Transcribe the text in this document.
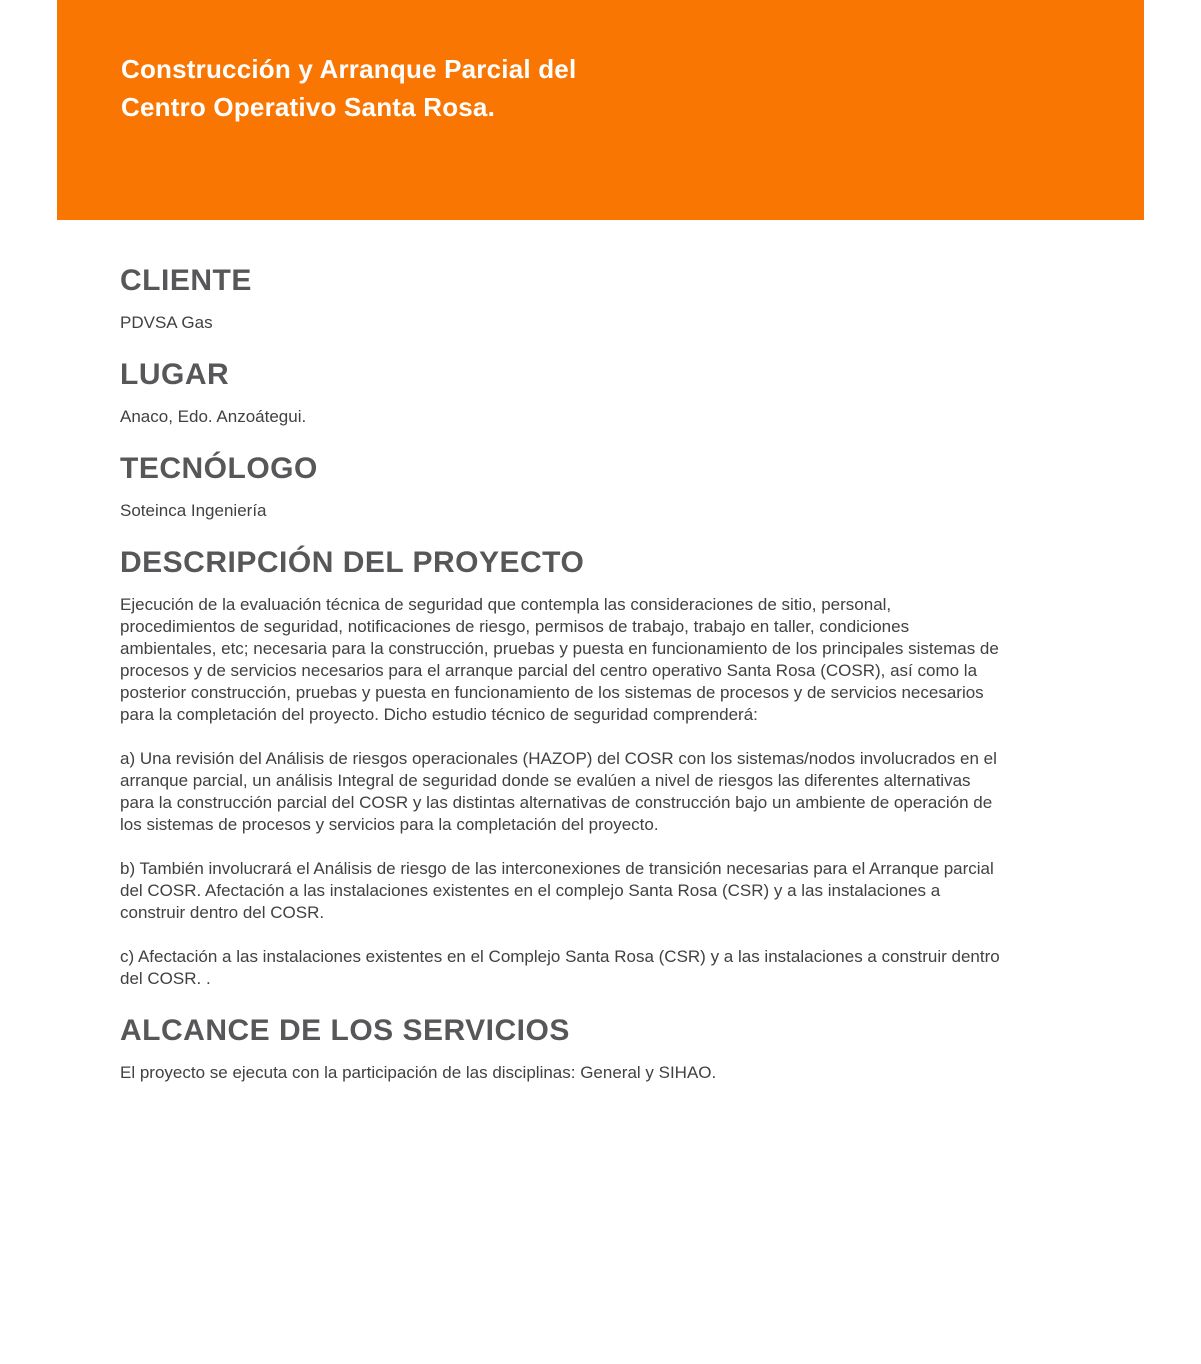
Construcción y Arranque Parcial del
Centro Operativo Santa Rosa.
CLIENTE

PDVSA Gas

LUGAR

Anaco, Edo. Anzoátegui.

TECNÓLOGO

Soteinca Ingeniería

DESCRIPCIÓN DEL PROYECTO

Ejecución de la evaluación técnica de seguridad que contempla las consideraciones de sitio, personal, procedimientos de seguridad, notificaciones de riesgo, permisos de trabajo, trabajo en taller, condiciones ambientales, etc; necesaria para la construcción, pruebas y puesta en funcionamiento de los principales sistemas de procesos y de servicios necesarios para el arranque parcial del centro operativo Santa Rosa (COSR), así como la posterior construcción, pruebas y puesta en funcionamiento de los sistemas de procesos y de servicios necesarios para la completación del proyecto. Dicho estudio técnico de seguridad comprenderá:

a) Una revisión del Análisis de riesgos operacionales (HAZOP) del COSR con los sistemas/nodos involucrados en el arranque parcial, un análisis Integral de seguridad donde se evalúen a nivel de riesgos las diferentes alternativas para la construcción parcial del COSR y las distintas alternativas de construcción bajo un ambiente de operación de los sistemas de procesos y servicios para la completación del proyecto.

b) También involucrará el Análisis de riesgo de las interconexiones de transición necesarias para el Arranque parcial del COSR. Afectación a las instalaciones existentes en el complejo Santa Rosa (CSR) y a las instalaciones a construir dentro del COSR.

c) Afectación a las instalaciones existentes en el Complejo Santa Rosa (CSR) y a las instalaciones a construir dentro del COSR. .

ALCANCE DE LOS SERVICIOS

El proyecto se ejecuta con la participación de las disciplinas: General y SIHAO.
